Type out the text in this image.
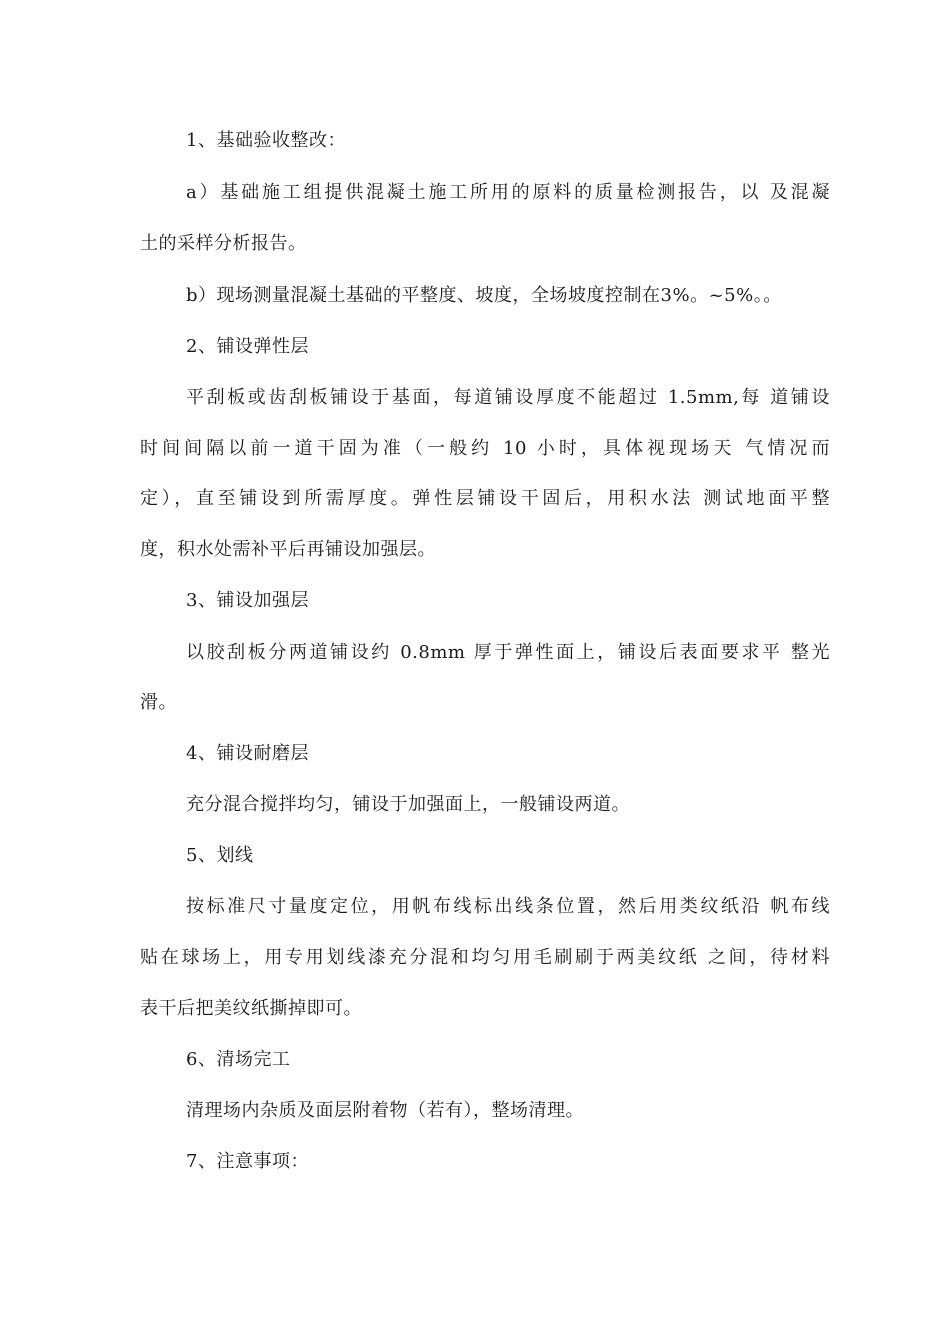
1、基础验收整改：
a）基础施工组提供混凝土施工所用的原料的质量检测报告，以 及混凝
土的采样分析报告。
b）现场测量混凝土基础的平整度、坡度，全场坡度控制在3%。~5%。。
2、铺设弹性层
平刮板或齿刮板铺设于基面，每道铺设厚度不能超过 1.5mm,每 道铺设
时间间隔以前一道干固为准（一般约 10 小时，具体视现场天 气情况而
定），直至铺设到所需厚度。弹性层铺设干固后，用积水法 测试地面平整
度，积水处需补平后再铺设加强层。
3、铺设加强层
以胶刮板分两道铺设约 0.8mm 厚于弹性面上，铺设后表面要求平 整光
滑。
4、铺设耐磨层
充分混合搅拌均匀，铺设于加强面上，一般铺设两道。
5、划线
按标准尺寸量度定位，用帆布线标出线条位置，然后用类纹纸沿 帆布线
贴在球场上，用专用划线漆充分混和均匀用毛刷刷于两美纹纸 之间，待材料
表干后把美纹纸撕掉即可。
6、清场完工
清理场内杂质及面层附着物（若有），整场清理。
7、注意事项：
